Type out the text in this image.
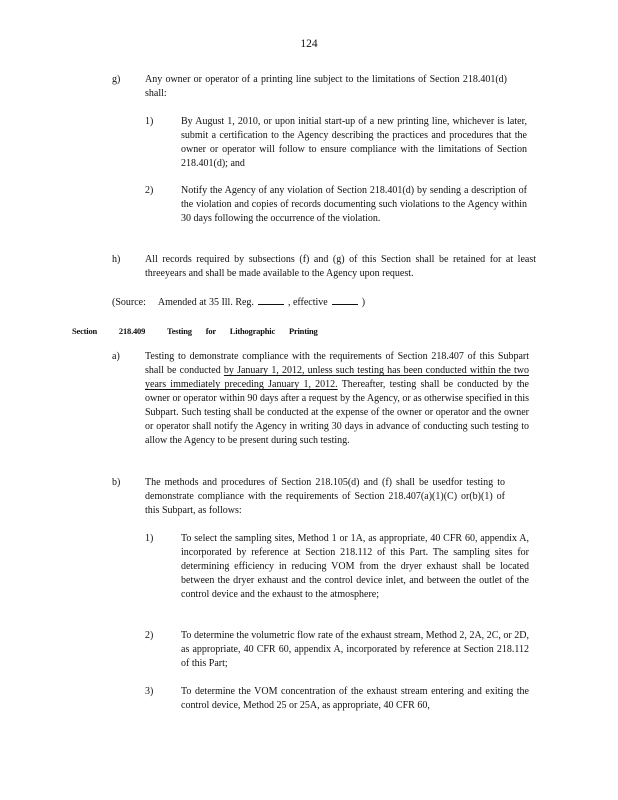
124
g) Any owner or operator of a printing line subject to the limitations of Section 218.401(d) shall:
1)	By August 1, 2010, or upon initial start-up of a new printing line, whichever is later, submit a certification to the Agency describing the practices and procedures that the owner or operator will follow to ensure compliance with the limitations of Section 218.401(d); and
2)	Notify the Agency of any violation of Section 218.401(d) by sending a description of the violation and copies of records documenting such violations to the Agency within 30 days following the occurrence of the violation.
h) All records required by subsections (f) and (g) of this Section shall be retained for at least threeyears and shall be made available to the Agency upon request.
(Source: Amended at 35 Ill. Reg.	, effective	)
Section	218.409	Testing for Lithographic Printing
a)	Testing to demonstrate compliance with the requirements of Section 218.407 of this Subpart shall be conducted by January 1, 2012, unless such testing has been conducted within the two years immediately preceding January 1, 2012. Thereafter, testing shall be conducted by the owner or operator within 90 days after a request by the Agency, or as otherwise specified in this Subpart. Such testing shall be conducted at the expense of the owner or operator and the owner or operator shall notify the Agency in writing 30 days in advance of conducting such testing to allow the Agency to be present during such testing.
b) The methods and procedures of Section 218.105(d) and (f) shall be usedfor testing to demonstrate compliance with the requirements of Section 218.407(a)(1)(C) or(b)(1) of this Subpart, as follows:
1)	To select the sampling sites, Method 1 or 1A, as appropriate, 40 CFR 60, appendix A, incorporated by reference at Section 218.112 of this Part. The sampling sites for determining efficiency in reducing VOM from the dryer exhaust shall be located between the dryer exhaust and the control device inlet, and between the outlet of the control device and the exhaust to the atmosphere;
2)	To determine the volumetric flow rate of the exhaust stream, Method 2, 2A, 2C, or 2D, as appropriate, 40 CFR 60, appendix A, incorporated by reference at Section 218.112 of this Part;
3)	To determine the VOM concentration of the exhaust stream entering and exiting the control device, Method 25 or 25A, as appropriate, 40 CFR 60,
